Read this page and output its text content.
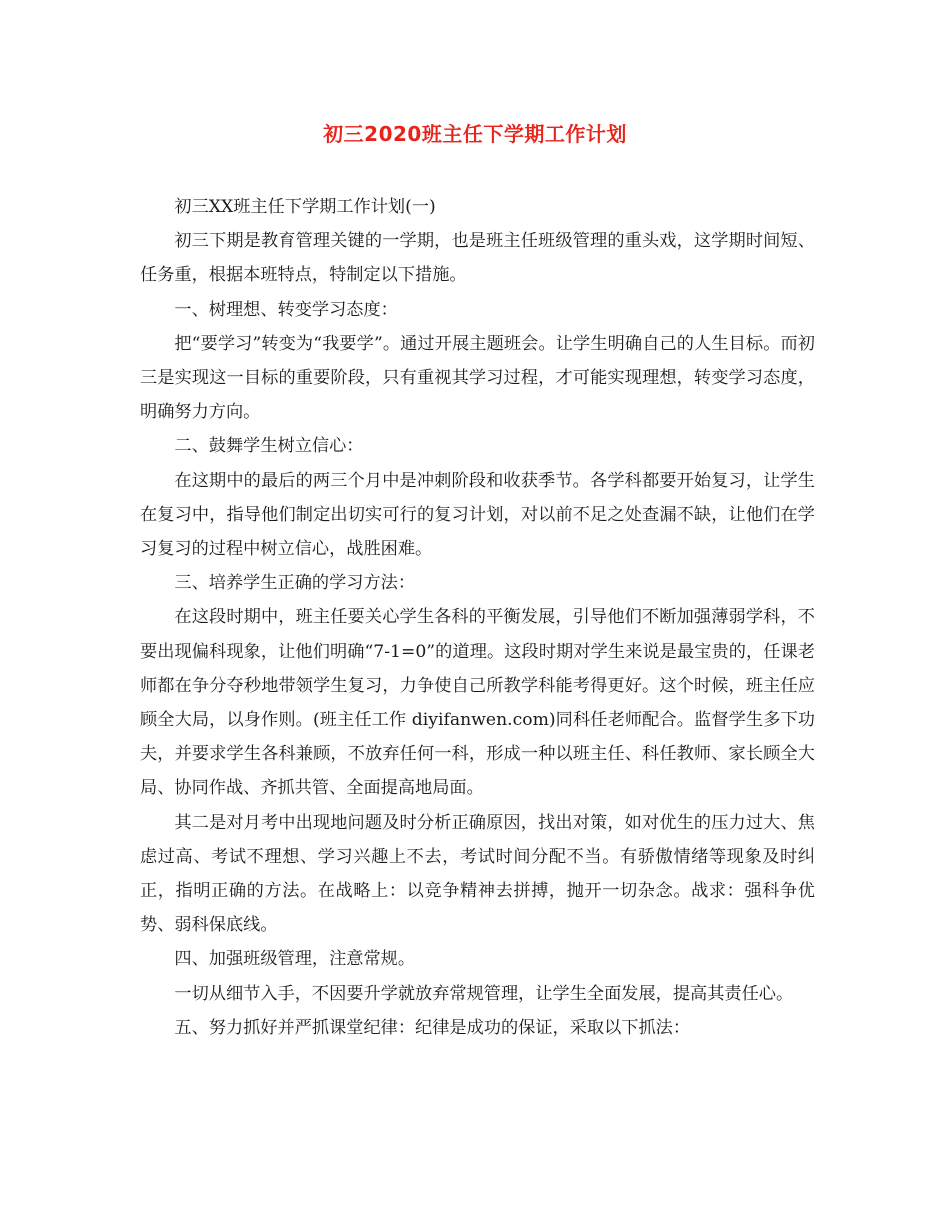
初三2020班主任下学期工作计划

初三XX班主任下学期工作计划(一)

初三下期是教育管理关键的一学期，也是班主任班级管理的重头戏，这学期时间短、任务重，根据本班特点，特制定以下措施。

一、树理想、转变学习态度：

把“要学习”转变为“我要学”。通过开展主题班会。让学生明确自己的人生目标。而初三是实现这一目标的重要阶段，只有重视其学习过程，才可能实现理想，转变学习态度，明确努力方向。

二、鼓舞学生树立信心：

在这期中的最后的两三个月中是冲刺阶段和收获季节。各学科都要开始复习，让学生在复习中，指导他们制定出切实可行的复习计划，对以前不足之处查漏不缺，让他们在学习复习的过程中树立信心，战胜困难。

三、培养学生正确的学习方法：

在这段时期中，班主任要关心学生各科的平衡发展，引导他们不断加强薄弱学科，不要出现偏科现象，让他们明确“7-1=0”的道理。这段时期对学生来说是最宝贵的，任课老师都在争分夺秒地带领学生复习，力争使自己所教学科能考得更好。这个时候，班主任应顾全大局，以身作则。(班主任工作 diyifanwen.com)同科任老师配合。监督学生多下功夫，并要求学生各科兼顾，不放弃任何一科，形成一种以班主任、科任教师、家长顾全大局、协同作战、齐抓共管、全面提高地局面。

其二是对月考中出现地问题及时分析正确原因，找出对策，如对优生的压力过大、焦虑过高、考试不理想、学习兴趣上不去，考试时间分配不当。有骄傲情绪等现象及时纠正，指明正确的方法。在战略上：以竞争精神去拼搏，抛开一切杂念。战求：强科争优势、弱科保底线。

四、加强班级管理，注意常规。

一切从细节入手，不因要升学就放弃常规管理，让学生全面发展，提高其责任心。

五、努力抓好并严抓课堂纪律：纪律是成功的保证，采取以下抓法：
